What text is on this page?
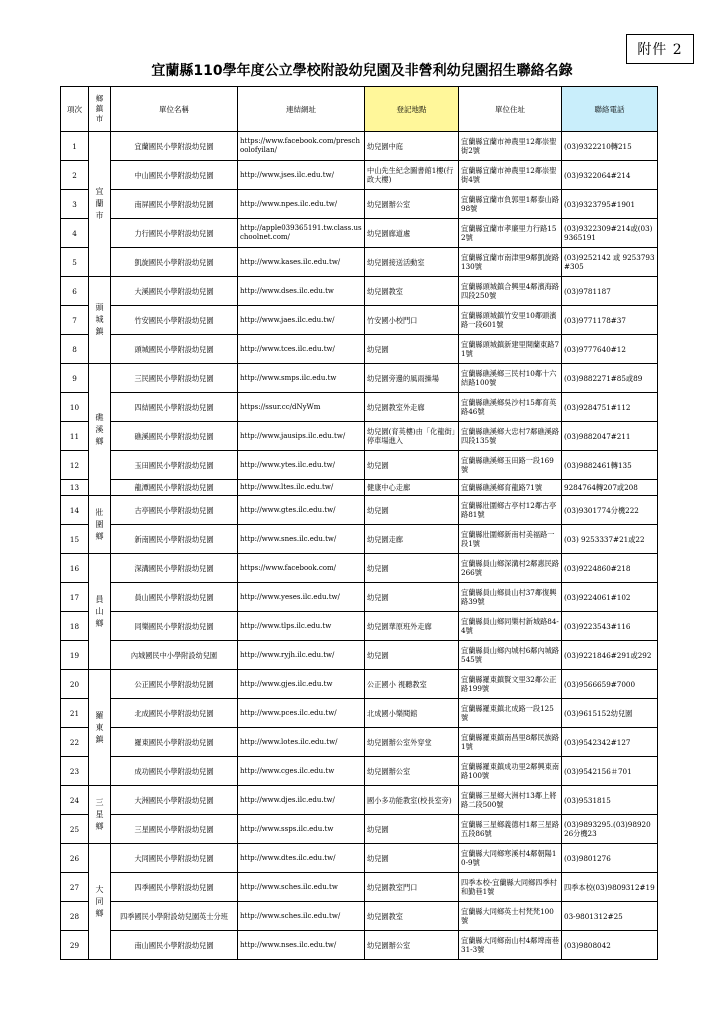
附件 2
宜蘭縣110學年度公立學校附設幼兒園及非營利幼兒園招生聯絡名錄
項次	鄉鎮市	單位名稱	連結網址	登記地點	單位住址	聯絡電話
1	宜蘭市	宜蘭國民小學附設幼兒園	https://www.facebook.com/preschoolofyilan/	幼兒園中庭	宜蘭縣宜蘭市神農里12鄰崇聖街2號	(03)9322210轉215
2		中山國民小學附設幼兒園	http://www.jses.ilc.edu.tw/	中山先生紀念圖書館1樓(行政大樓)	宜蘭縣宜蘭市神農里12鄰崇聖街4號	(03)9322064#214
3		南屏國民小學附設幼兒園	http://www.npes.ilc.edu.tw/	幼兒園辦公室	宜蘭縣宜蘭市負郭里1鄰泰山路98號	(03)9323795#1901
4		力行國民小學附設幼兒園	http://apple039365191.tw.class.uschoolnet.com/	幼兒園廊道處	宜蘭縣宜蘭市孝廉里力行路152號	(03)9322309#214或(03)9365191
5		凱旋國民小學附設幼兒園	http://www.kases.ilc.edu.tw/	幼兒園接送活動室	宜蘭縣宜蘭市南津里9鄰凱旋路130號	(03)9252142 或 9253793#305
6	頭城鎮	大溪國民小學附設幼兒園	http://www.dses.ilc.edu.tw	幼兒園教室	宜蘭縣頭城鎮合興里4鄰濱海路四段250號	(03)9781187
7		竹安國民小學附設幼兒園	http://www.jaes.ilc.edu.tw/	竹安國小校門口	宜蘭縣頭城鎮竹安里10鄰頭濱路一段601號	(03)9771178#37
8		頭城國民小學附設幼兒園	http://www.tces.ilc.edu.tw/	幼兒園	宜蘭縣頭城鎮新建里開蘭東路71號	(03)9777640#12
9	礁溪鄉	三民國民小學附設幼兒園	http://www.smps.ilc.edu.tw	幼兒園旁邊的風雨操場	宜蘭縣礁溪鄉三民村10鄰十六結路100號	(03)9882271#85或89
10		四結國民小學附設幼兒園	https://ssur.cc/dNyWm	幼兒園教室外走廊	宜蘭縣礁溪鄉吳沙村15鄰育英路46號	(03)9284751#112
11		礁溪國民小學附設幼兒園	http://www.jausips.ilc.edu.tw/	幼兒園(育英樓)由「化龍街」停車場進入	宜蘭縣礁溪鄉大忠村7鄰礁溪路四段135號	(03)9882047#211
12		玉田國民小學附設幼兒園	http://www.ytes.ilc.edu.tw/	幼兒園	宜蘭縣礁溪鄉玉田路一段169號	(03)9882461轉135
13		龍潭國民小學附設幼兒園	http://www.ltes.ilc.edu.tw/	健康中心走廊	宜蘭縣礁溪鄉育龍路71號	9284764轉207或208
14	壯圍鄉	古亭國民小學附設幼兒園	http://www.gtes.ilc.edu.tw/	幼兒園	宜蘭縣壯圍鄉古亭村12鄰古亭路81號	(03)9301774分機222
15		新南國民小學附設幼兒園	http://www.snes.ilc.edu.tw/	幼兒園走廊	宜蘭縣壯圍鄉新南村美福路一段1號	(03) 9253337#21或22
16	員山鄉	深溝國民小學附設幼兒園	https://www.facebook.com/	幼兒園	宜蘭縣員山鄉深溝村2鄰惠民路266號	(03)9224860#218
17		員山國民小學附設幼兒園	http://www.yeses.ilc.edu.tw/	幼兒園	宜蘭縣員山鄉員山村37鄰復興路39號	(03)9224061#102
18		同樂國民小學附設幼兒園	http://www.tlps.ilc.edu.tw	幼兒園華原班外走廊	宜蘭縣員山鄉同樂村新城路84-4號	(03)9223543#116
19		內城國民中小學附設幼兒園	http://www.ryjh.ilc.edu.tw/	幼兒園	宜蘭縣員山鄉內城村6鄰內城路545號	(03)9221846#291或292
20	羅東鎮	公正國民小學附設幼兒園	http://www.gjes.ilc.edu.tw	公正國小 視聽教室	宜蘭縣羅東鎮賢文里32鄰公正路199號	(03)9566659#7000
21		北成國民小學附設幼兒園	http://www.pces.ilc.edu.tw/	北成國小樂閱館	宜蘭縣羅東鎮北成路一段125號	(03)9615152幼兒園
22		羅東國民小學附設幼兒園	http://www.lotes.ilc.edu.tw/	幼兒園辦公室外穿堂	宜蘭縣羅東鎮南昌里8鄰民族路1號	(03)9542342#127
23		成功國民小學附設幼兒園	http://www.cges.ilc.edu.tw	幼兒園辦公室	宜蘭縣羅東鎮成功里2鄰興東南路100號	(03)9542156＃701
24	三星鄉	大洲國民小學附設幼兒園	http://www.djes.ilc.edu.tw/	國小多功能教室(校長室旁)	宜蘭縣三星鄉大洲村13鄰上將路二段500號	(03)9531815
25		三星國民小學附設幼兒園	http://www.ssps.ilc.edu.tw	幼兒園	宜蘭縣三星鄉義德村1鄰三星路五段86號	(03)9893295.(03)9892026分機23
26	大同鄉	大同國民小學附設幼兒園	http://www.dtes.ilc.edu.tw/	幼兒園	宜蘭縣大同鄉寒溪村4鄰朝陽10-9號	(03)9801276
27		四季國民小學附設幼兒園	http://www.sches.ilc.edu.tw	幼兒園教室門口	四季本校-宜蘭縣大同鄉四季村和勤巷1號	四季本校(03)9809312#19
28		四季國民小學附設幼兒園英士分班	http://www.sches.ilc.edu.tw/	幼兒園教室	宜蘭縣大同鄉英士村梵梵100號	03-9801312#25
29		南山國民小學附設幼兒園	http://www.nses.ilc.edu.tw/	幼兒園辦公室	宜蘭縣大同鄉南山村4鄰埤南巷31-3號	(03)9808042
